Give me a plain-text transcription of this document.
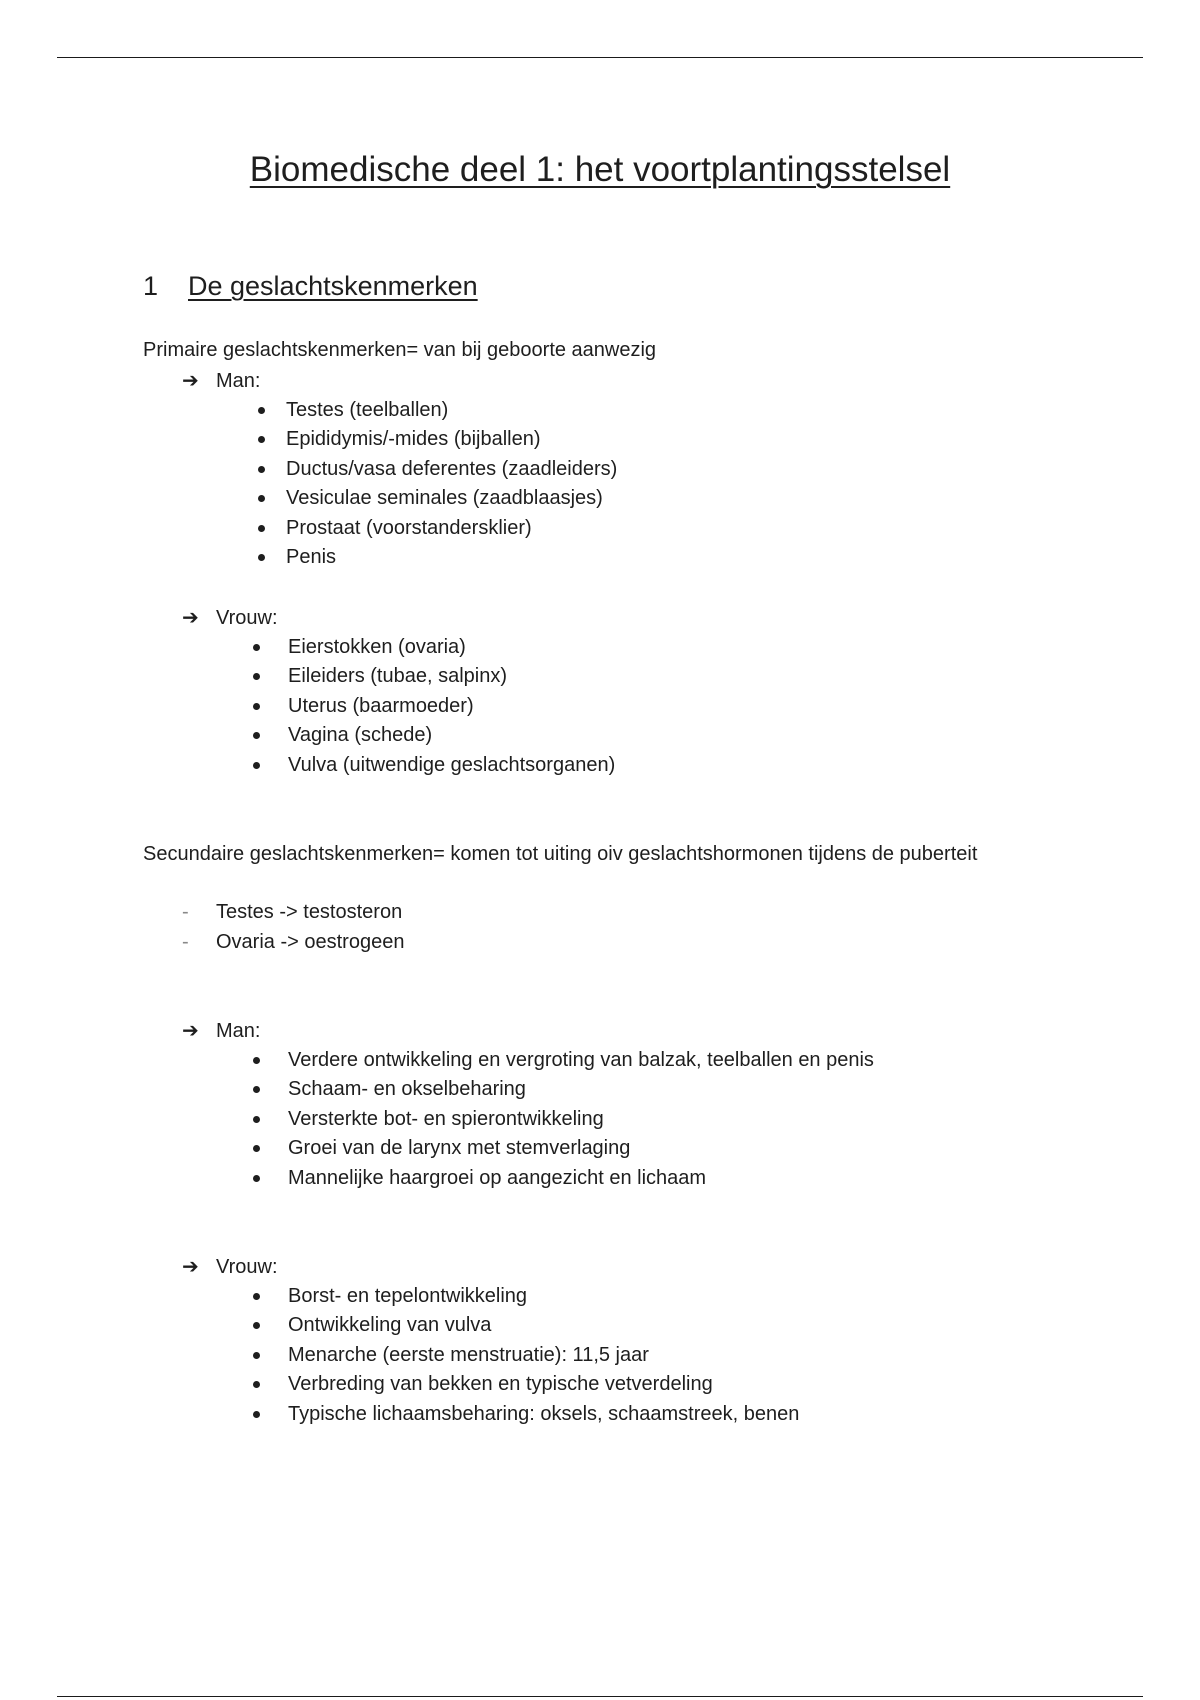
Biomedische deel 1: het voortplantingsstelsel
1 De geslachtskenmerken
Primaire geslachtskenmerken= van bij geboorte aanwezig
➔ Man:
Testes (teelballen)
Epididymis/-mides (bijballen)
Ductus/vasa deferentes (zaadleiders)
Vesiculae seminales (zaadblaasjes)
Prostaat (voorstandersklier)
Penis
➔ Vrouw:
Eierstokken (ovaria)
Eileiders (tubae, salpinx)
Uterus (baarmoeder)
Vagina (schede)
Vulva (uitwendige geslachtsorganen)
Secundaire geslachtskenmerken= komen tot uiting oiv geslachtshormonen tijdens de puberteit
- Testes -> testosteron
- Ovaria -> oestrogeen
➔ Man:
Verdere ontwikkeling en vergroting van balzak, teelballen en penis
Schaam- en okselbeharing
Versterkte bot- en spierontwikkeling
Groei van de larynx met stemverlaging
Mannelijke haargroei op aangezicht en lichaam
➔ Vrouw:
Borst- en tepelontwikkeling
Ontwikkeling van vulva
Menarche (eerste menstruatie): 11,5 jaar
Verbreding van bekken en typische vetverdeling
Typische lichaamsbeharing: oksels, schaamstreek, benen
